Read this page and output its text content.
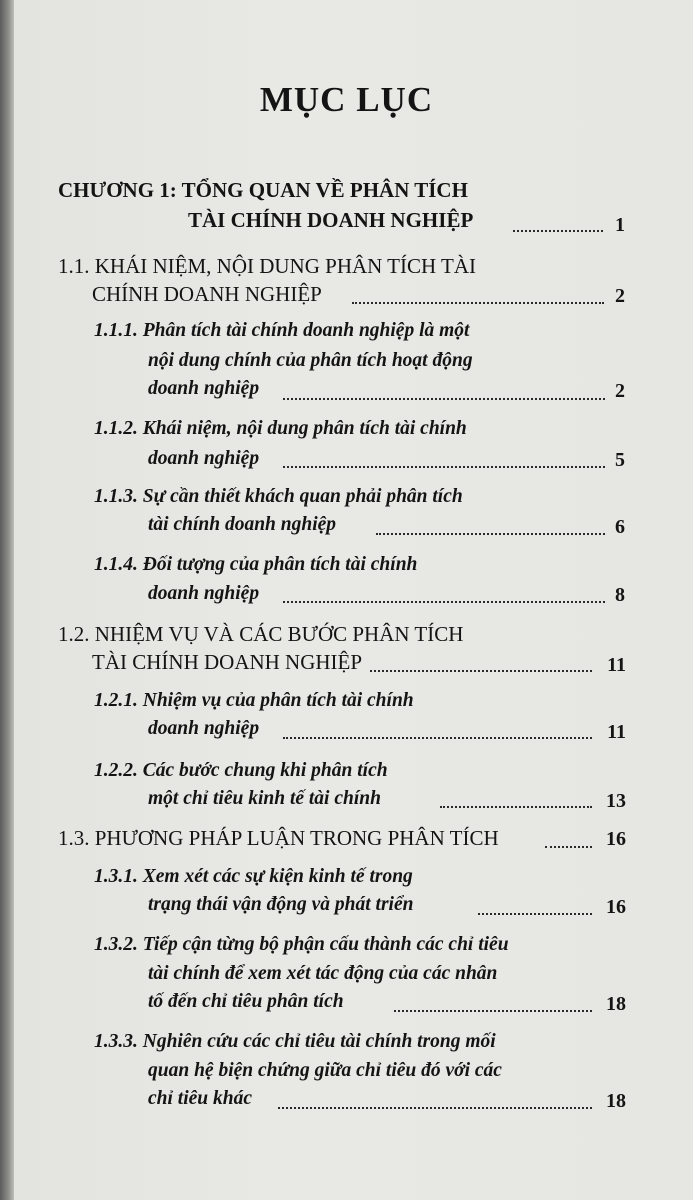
MỤC LỤC
CHƯƠNG 1: TỔNG QUAN VỀ PHÂN TÍCH
TÀI CHÍNH DOANH NGHIỆP	1
1.1. KHÁI NIỆM, NỘI DUNG PHÂN TÍCH TÀI
CHÍNH DOANH NGHIỆP	2
1.1.1. Phân tích tài chính doanh nghiệp là một
nội dung chính của phân tích hoạt động
doanh nghiệp	2
1.1.2. Khái niệm, nội dung phân tích tài chính
doanh nghiệp	5
1.1.3. Sự cần thiết khách quan phải phân tích
tài chính doanh nghiệp	6
1.1.4. Đối tượng của phân tích tài chính
doanh nghiệp	8
1.2. NHIỆM VỤ VÀ CÁC BƯỚC PHÂN TÍCH
TÀI CHÍNH DOANH NGHIỆP	11
1.2.1. Nhiệm vụ của phân tích tài chính
doanh nghiệp	11
1.2.2. Các bước chung khi phân tích
một chỉ tiêu kinh tế tài chính	13
1.3. PHƯƠNG PHÁP LUẬN TRONG PHÂN TÍCH	16
1.3.1. Xem xét các sự kiện kinh tế trong
trạng thái vận động và phát triển	16
1.3.2. Tiếp cận từng bộ phận cấu thành các chỉ tiêu
tài chính để xem xét tác động của các nhân
tố đến chỉ tiêu phân tích	18
1.3.3. Nghiên cứu các chỉ tiêu tài chính trong mối
quan hệ biện chứng giữa chỉ tiêu đó với các
chỉ tiêu khác	18
